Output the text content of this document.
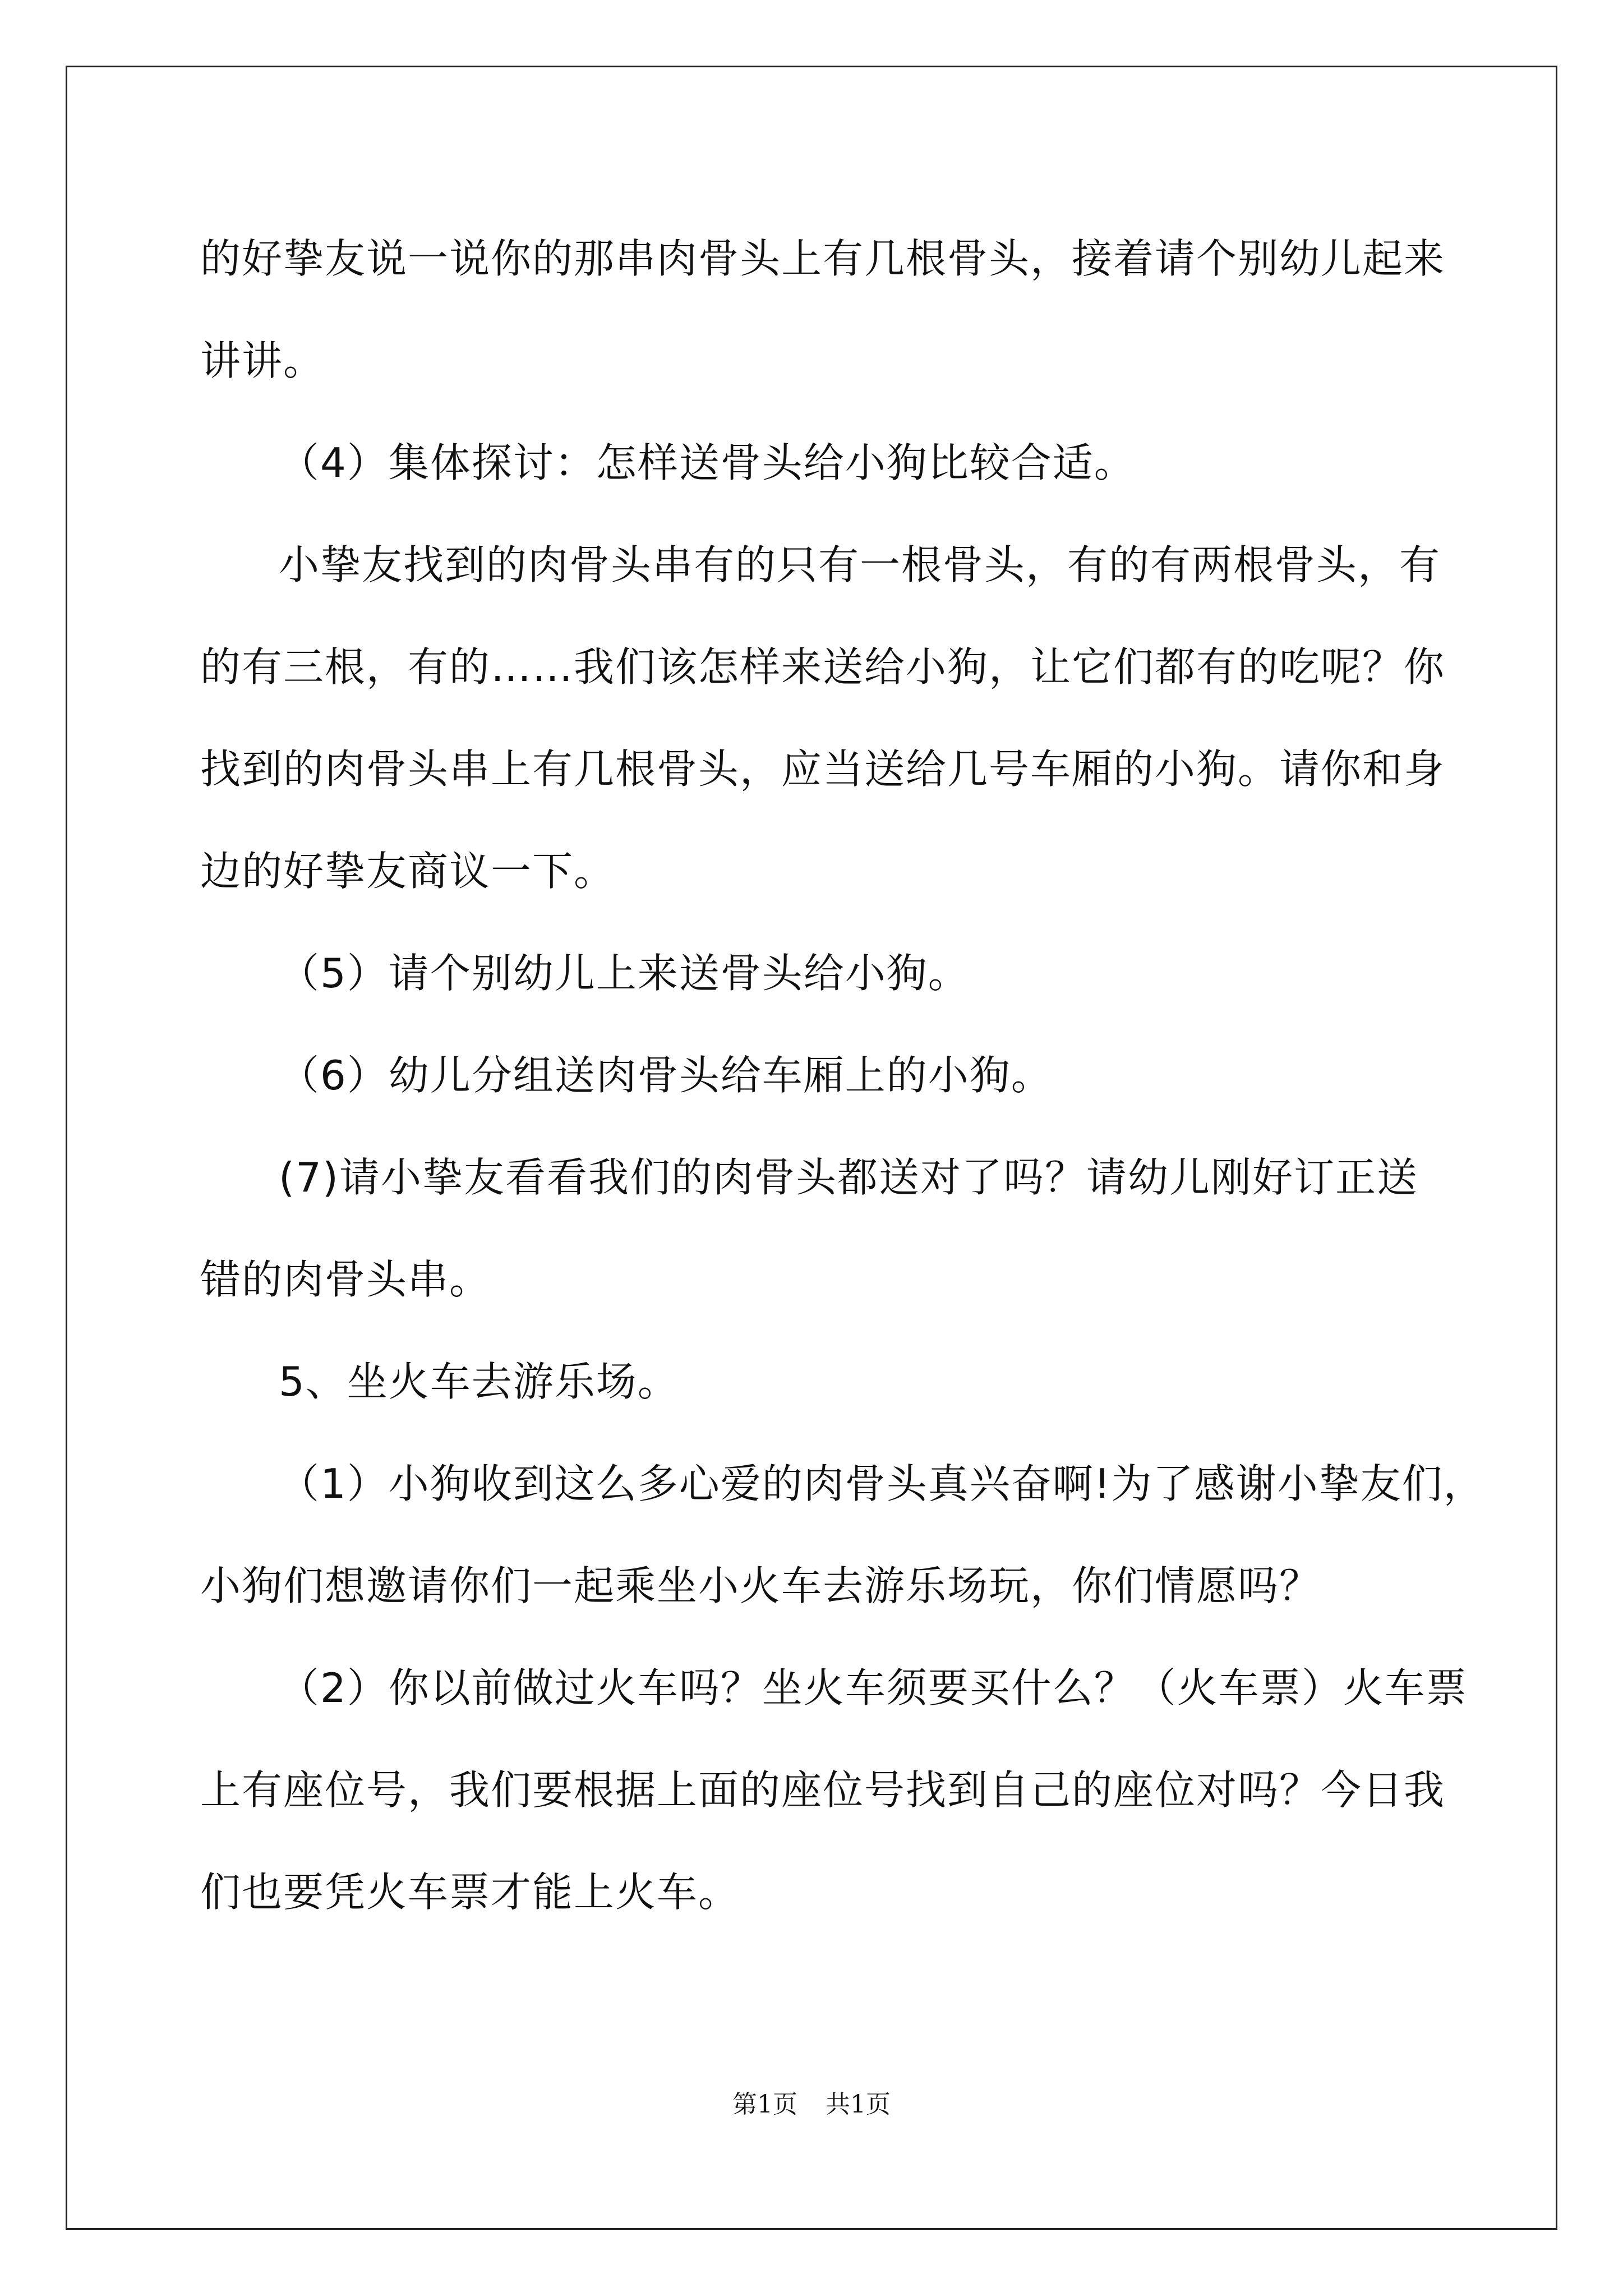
的好挚友说一说你的那串肉骨头上有几根骨头，接着请个别幼儿起来
讲讲。
（4）集体探讨：怎样送骨头给小狗比较合适。
小挚友找到的肉骨头串有的只有一根骨头，有的有两根骨头，有
的有三根，有的……我们该怎样来送给小狗，让它们都有的吃呢？你
找到的肉骨头串上有几根骨头，应当送给几号车厢的小狗。请你和身
边的好挚友商议一下。
（5）请个别幼儿上来送骨头给小狗。
（6）幼儿分组送肉骨头给车厢上的小狗。
(7)请小挚友看看我们的肉骨头都送对了吗？请幼儿刚好订正送
错的肉骨头串。
5、坐火车去游乐场。
（1）小狗收到这么多心爱的肉骨头真兴奋啊!为了感谢小挚友们，
小狗们想邀请你们一起乘坐小火车去游乐场玩，你们情愿吗？
（2）你以前做过火车吗？坐火车须要买什么？（火车票）火车票
上有座位号，我们要根据上面的座位号找到自己的座位对吗？今日我
们也要凭火车票才能上火车。
第1页 共1页
